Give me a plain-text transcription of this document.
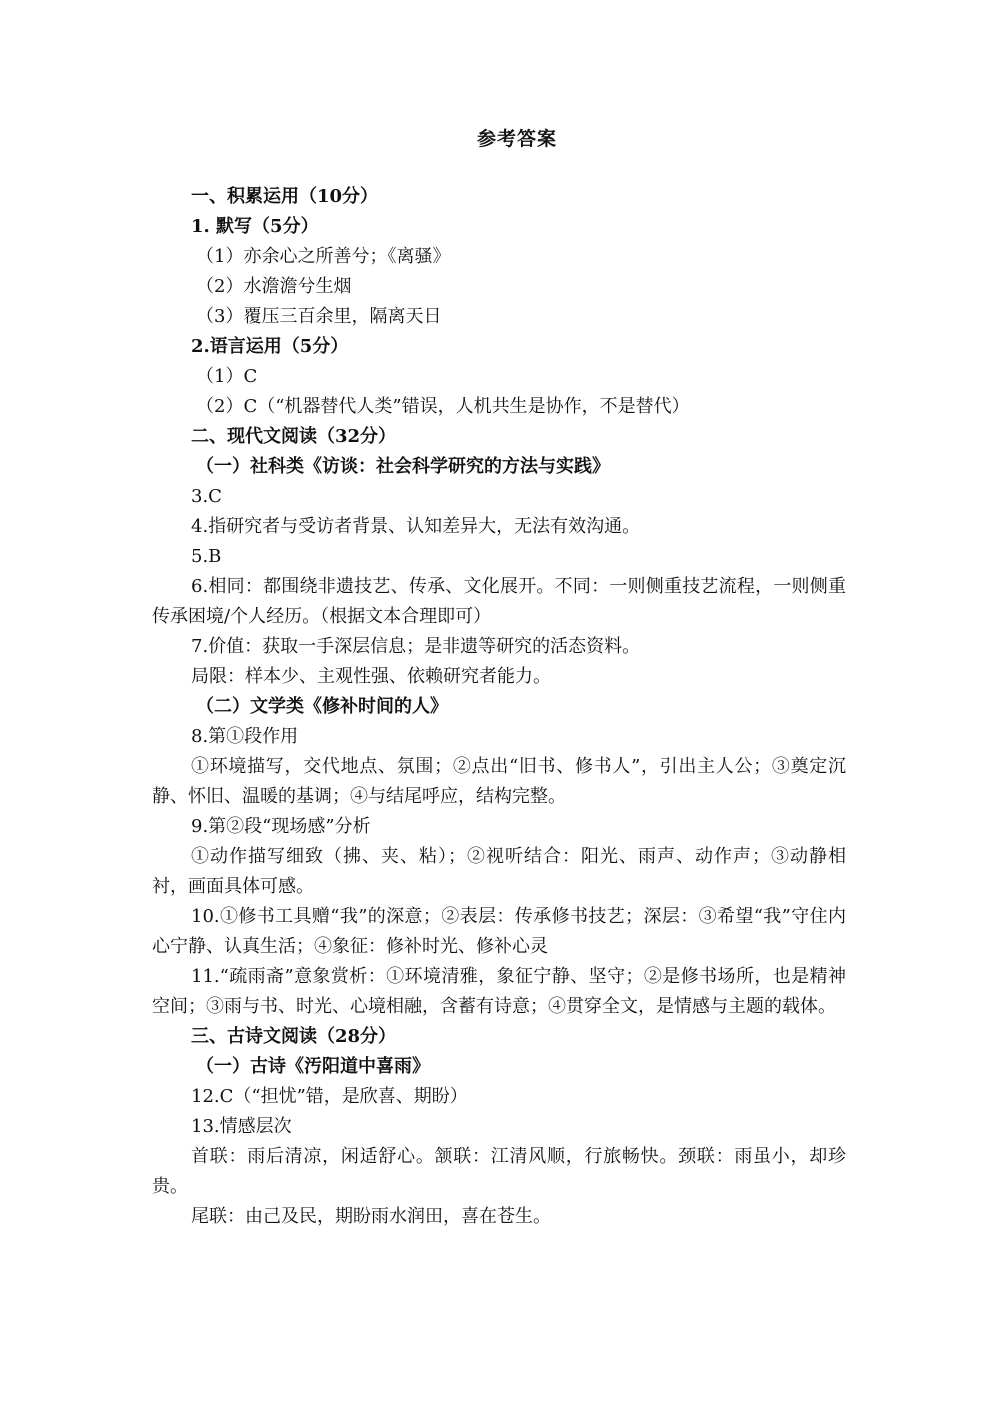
参考答案

一、积累运用（10分）

1. 默写（5分）

（1）亦余心之所善兮；《离骚》

（2）水澹澹兮生烟

（3）覆压三百余里，隔离天日

2.语言运用（5分）

（1）C

（2）C（“机器替代人类”错误，人机共生是协作，不是替代）

二、现代文阅读（32分）

（一）社科类《访谈：社会科学研究的方法与实践》

3.C

4.指研究者与受访者背景、认知差异大，无法有效沟通。

5.B

6.相同：都围绕非遗技艺、传承、文化展开。不同：一则侧重技艺流程，一则侧重传承困境/个人经历。（根据文本合理即可）

7.价值：获取一手深层信息；是非遗等研究的活态资料。

局限：样本少、主观性强、依赖研究者能力。

（二）文学类《修补时间的人》

8.第①段作用

①环境描写，交代地点、氛围；②点出“旧书、修书人”，引出主人公；③奠定沉静、怀旧、温暖的基调；④与结尾呼应，结构完整。

9.第②段“现场感”分析

①动作描写细致（拂、夹、粘）；②视听结合：阳光、雨声、动作声；③动静相衬，画面具体可感。

10.①修书工具赠“我”的深意；②表层：传承修书技艺；深层：③希望“我”守住内心宁静、认真生活；④象征：修补时光、修补心灵

11.“疏雨斋”意象赏析：①环境清雅，象征宁静、坚守；②是修书场所，也是精神空间；③雨与书、时光、心境相融，含蓄有诗意；④贯穿全文，是情感与主题的载体。

三、古诗文阅读（28分）

（一）古诗《汚阳道中喜雨》

12.C（“担忧”错，是欣喜、期盼）

13.情感层次

首联：雨后清凉，闲适舒心。颔联：江清风顺，行旅畅快。颈联：雨虽小，却珍贵。

尾联：由己及民，期盼雨水润田，喜在苍生。
